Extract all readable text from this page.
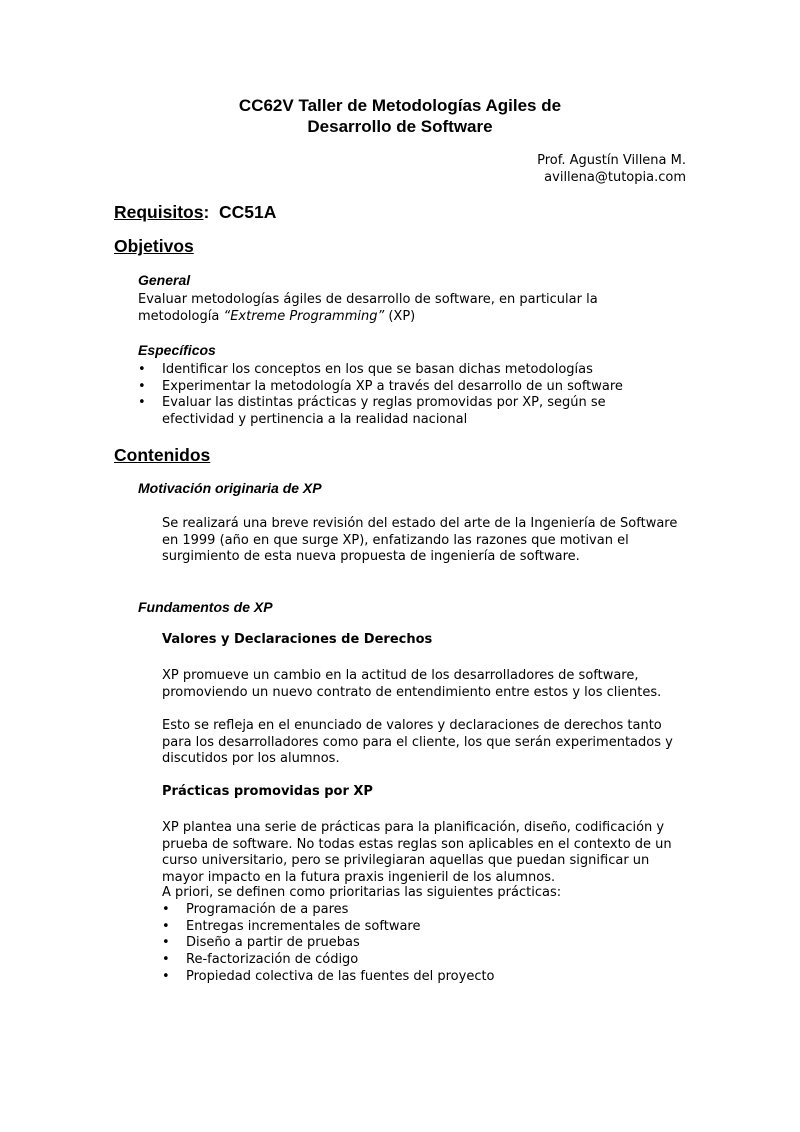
CC62V Taller de Metodologías Agiles de
Desarrollo de Software
Prof. Agustín Villena M.
avillena@tutopia.com
Requisitos: CC51A
Objetivos
General

Evaluar metodologías ágiles de desarrollo de software, en particular la metodología “Extreme Programming” (XP)

Específicos
• Identificar los conceptos en los que se basan dichas metodologías
• Experimentar la metodología XP a través del desarrollo de un software
• Evaluar las distintas prácticas y reglas promovidas por XP, según se efectividad y pertinencia a la realidad nacional
Contenidos
Motivación originaria de XP

Se realizará una breve revisión del estado del arte de la Ingeniería de Software en 1999 (año en que surge XP), enfatizando las razones que motivan el surgimiento de esta nueva propuesta de ingeniería de software.

Fundamentos de XP
Valores y Declaraciones de Derechos

XP promueve un cambio en la actitud de los desarrolladores de software, promoviendo un nuevo contrato de entendimiento entre estos y los clientes.

Esto se refleja en el enunciado de valores y declaraciones de derechos tanto para los desarrolladores como para el cliente, los que serán experimentados y discutidos por los alumnos.

Prácticas promovidas por XP

XP plantea una serie de prácticas para la planificación, diseño, codificación y prueba de software. No todas estas reglas son aplicables en el contexto de un curso universitario, pero se privilegiaran aquellas que puedan significar un mayor impacto en la futura praxis ingenieril de los alumnos.

A priori, se definen como prioritarias las siguientes prácticas:

• Programación de a pares
• Entregas incrementales de software
• Diseño a partir de pruebas
• Re-factorización de código
• Propiedad colectiva de las fuentes del proyecto
